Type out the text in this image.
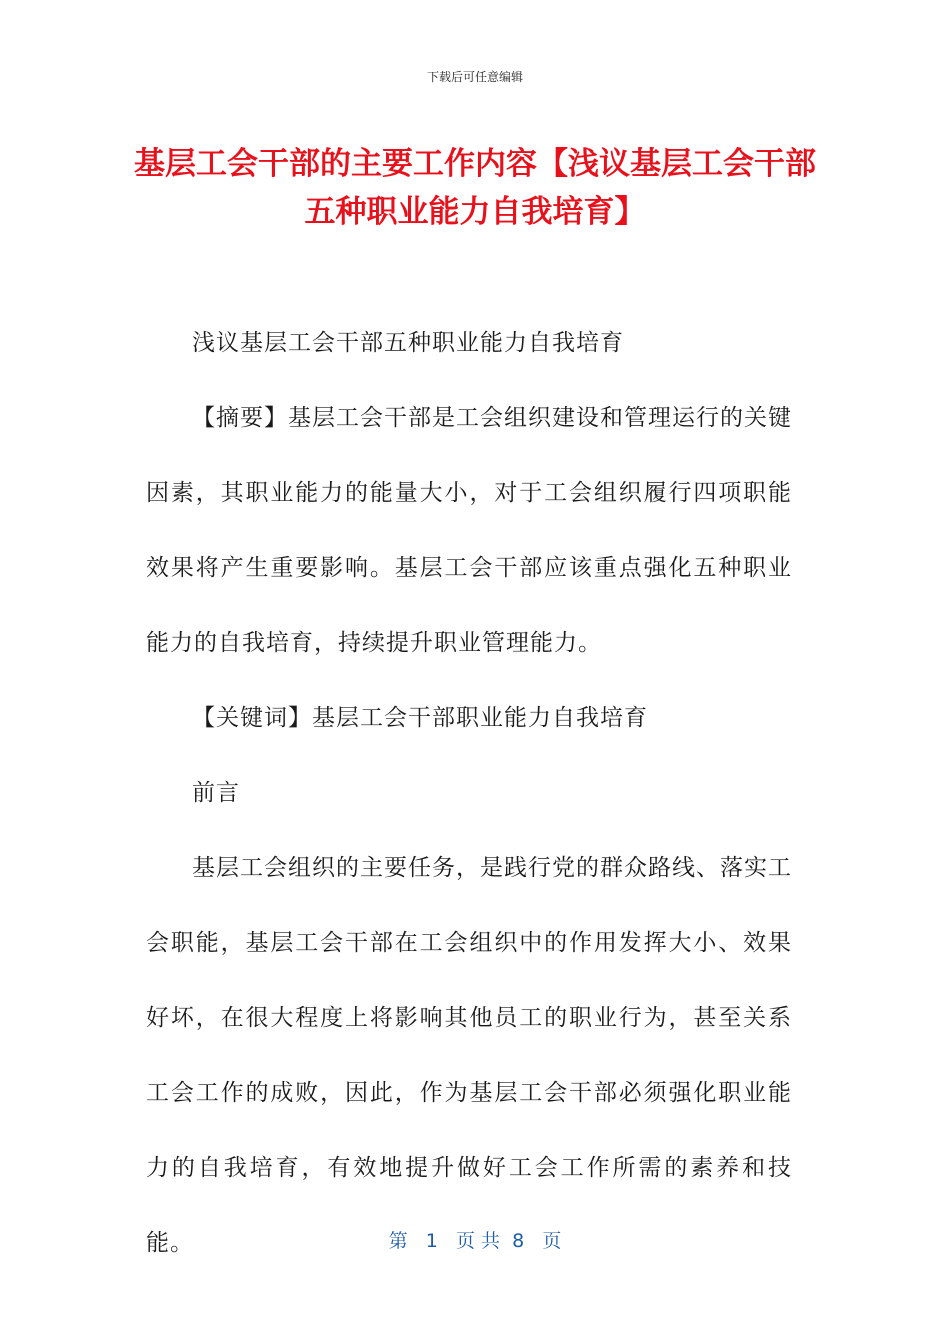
下载后可任意编辑
基层工会干部的主要工作内容【浅议基层工会干部五种职业能力自我培育】

浅议基层工会干部五种职业能力自我培育

【摘要】基层工会干部是工会组织建设和管理运行的关键因素，其职业能力的能量大小，对于工会组织履行四项职能效果将产生重要影响。基层工会干部应该重点强化五种职业能力的自我培育，持续提升职业管理能力。

【关键词】基层工会干部职业能力自我培育

前言

基层工会组织的主要任务，是践行党的群众路线、落实工会职能，基层工会干部在工会组织中的作用发挥大小、效果好坏，在很大程度上将影响其他员工的职业行为，甚至关系工会工作的成败，因此，作为基层工会干部必须强化职业能力的自我培育，有效地提升做好工会工作所需的素养和技能。	第   1   页 共  8   页
